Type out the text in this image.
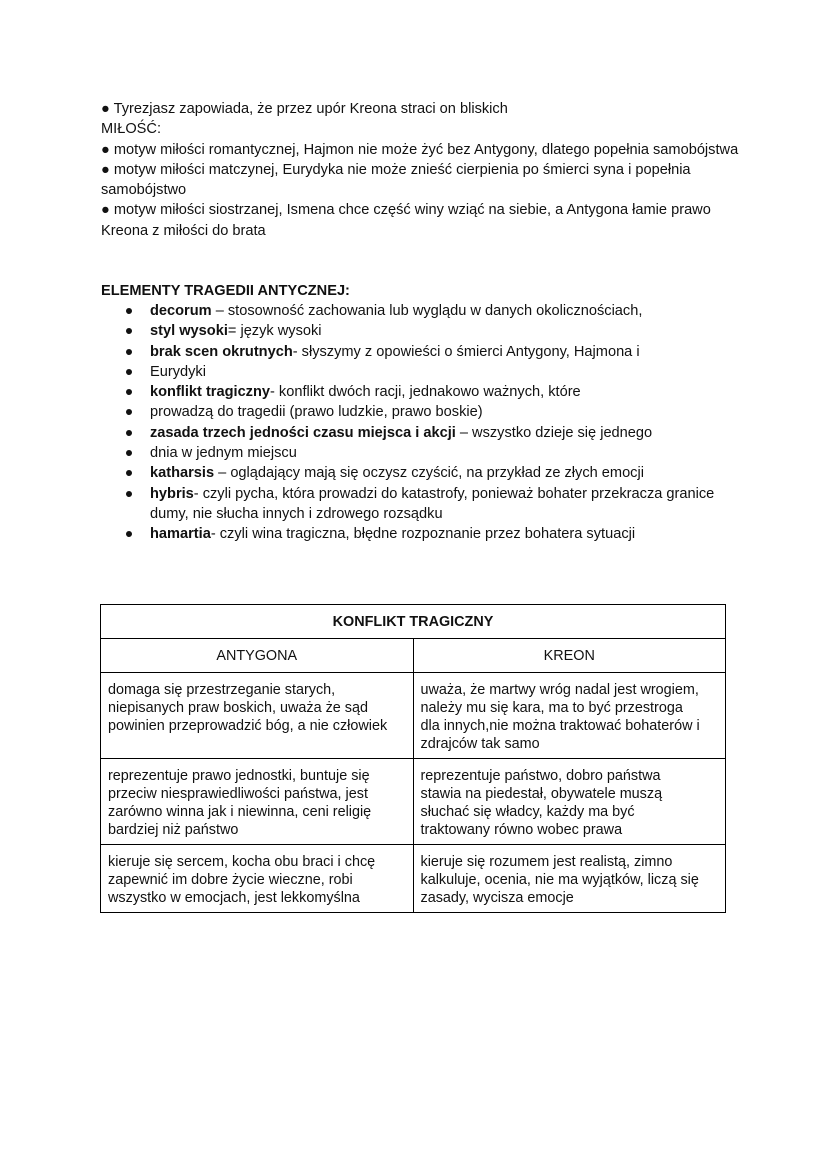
● Tyrezjasz zapowiada, że przez upór Kreona straci on bliskich

MIŁOŚĆ:

● motyw miłości romantycznej, Hajmon nie może żyć bez Antygony, dlatego popełnia samobójstwa

● motyw miłości matczynej, Eurydyka nie może znieść cierpienia po śmierci syna i popełnia samobójstwo

● motyw miłości siostrzanej, Ismena chce część winy wziąć na siebie, a Antygona łamie prawo Kreona z miłości do brata

ELEMENTY TRAGEDII ANTYCZNEJ:
decorum – stosowność zachowania lub wyglądu w danych okolicznościach,
styl wysoki= język wysoki
brak scen okrutnych- słyszymy z opowieści o śmierci Antygony, Hajmona i
Eurydyki
konflikt tragiczny- konflikt dwóch racji, jednakowo ważnych, które
prowadzą do tragedii (prawo ludzkie, prawo boskie)
zasada trzech jedności czasu miejsca i akcji – wszystko dzieje się jednego
dnia w jednym miejscu
katharsis – oglądający mają się oczysz czyścić, na przykład ze złych emocji
hybris- czyli pycha, która prowadzi do katastrofy, ponieważ bohater przekracza granice dumy, nie słucha innych i zdrowego rozsądku
hamartia- czyli wina tragiczna, błędne rozpoznanie przez bohatera sytuacji
KONFLIKT TRAGICZNY	
ANTYGONA	KREON

domaga się przestrzeganie starych, niepisanych praw boskich, uważa że sąd powinien przeprowadzić bóg, a nie człowiek	uważa, że martwy wróg nadal jest wrogiem, należy mu się kara, ma to być przestroga dla innych,nie można traktować bohaterów i zdrajców tak samo

reprezentuje prawo jednostki, buntuje się przeciw niesprawiedliwości państwa, jest zarówno winna jak i niewinna, ceni religię bardziej niż państwo	reprezentuje państwo, dobro państwa stawia na piedestał, obywatele muszą słuchać się władcy, każdy ma być traktowany równo wobec prawa

kieruje się sercem, kocha obu braci i chcę zapewnić im dobre życie wieczne, robi wszystko w emocjach, jest lekkomyślna	kieruje się rozumem jest realistą, zimno kalkuluje, ocenia, nie ma wyjątków, liczą się zasady, wycisza emocje
